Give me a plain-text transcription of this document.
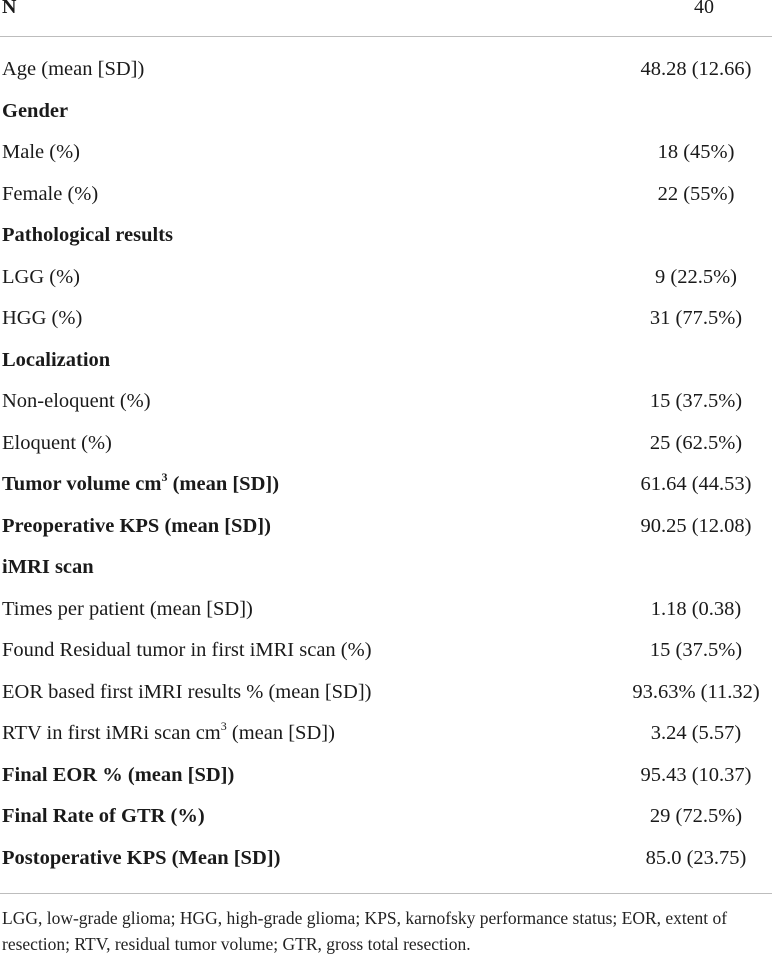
N	40
Age (mean [SD])	48.28 (12.66)
Gender
Male (%)	18 (45%)
Female (%)	22 (55%)
Pathological results
LGG (%)	9 (22.5%)
HGG (%)	31 (77.5%)
Localization
Non-eloquent (%)	15 (37.5%)
Eloquent (%)	25 (62.5%)
Tumor volume $cm^3$ (mean [SD])	61.64 (44.53)
Preoperative KPS (mean [SD])	90.25 (12.08)
iMRI scan
Times per patient (mean [SD])	1.18 (0.38)
Found Residual tumor in first iMRI scan (%)	15 (37.5%)
EOR based first iMRI results % (mean [SD])	93.63% (11.32)
RTV in first iMRi scan $cm^3$ (mean [SD])	3.24 (5.57)
Final EOR % (mean [SD])	95.43 (10.37)
Final Rate of GTR (%)	29 (72.5%)
Postoperative KPS (Mean [SD])	85.0 (23.75)
LGG, low-grade glioma; HGG, high-grade glioma; KPS, karnofsky performance status; EOR, extent of resection; RTV, residual tumor volume; GTR, gross total resection.
